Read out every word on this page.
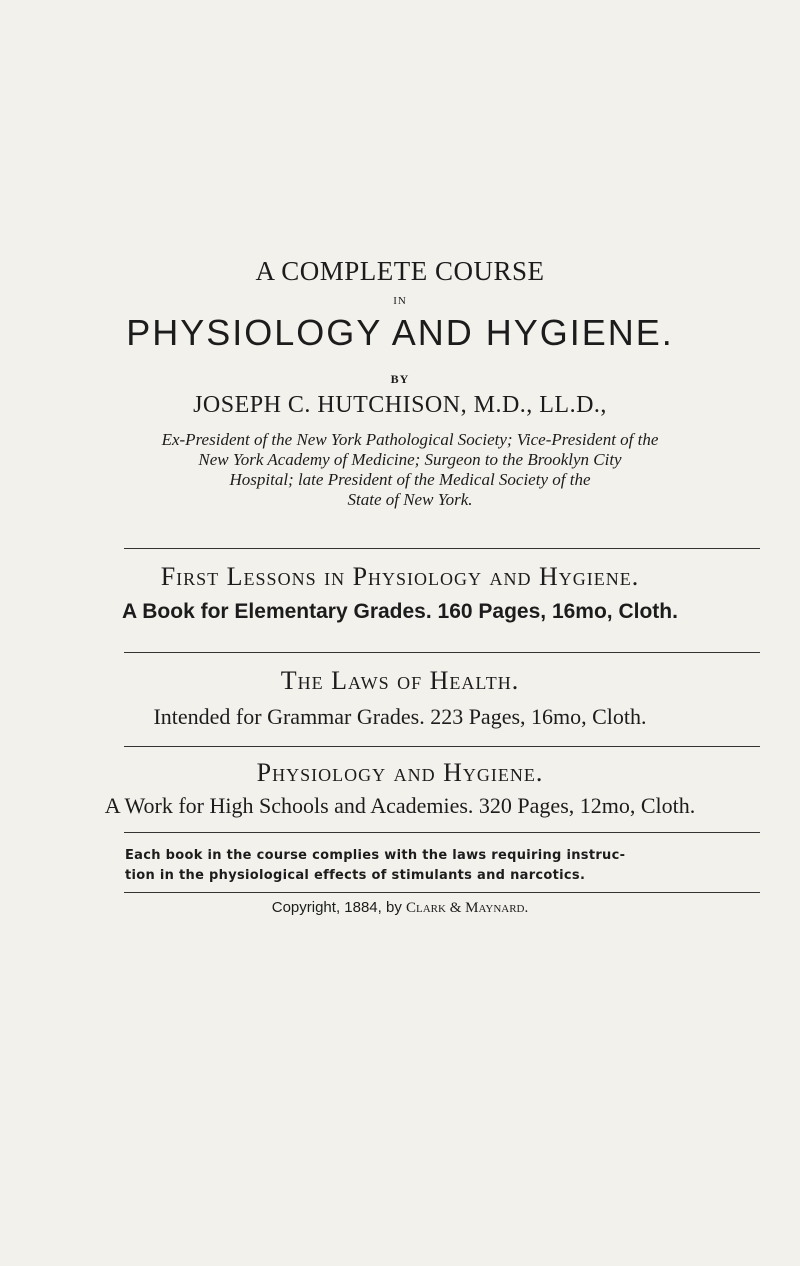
A COMPLETE COURSE
IN
PHYSIOLOGY AND HYGIENE.
BY
JOSEPH C. HUTCHISON, M.D., LL.D.,
Ex-President of the New York Pathological Society; Vice-President of the
New York Academy of Medicine; Surgeon to the Brooklyn City
Hospital; late President of the Medical Society of the
State of New York.
First Lessons in Physiology and Hygiene.
A Book for Elementary Grades. 160 Pages, 16mo, Cloth.
The Laws of Health.
Intended for Grammar Grades. 223 Pages, 16mo, Cloth.
Physiology and Hygiene.
A Work for High Schools and Academies. 320 Pages, 12mo, Cloth.
Each book in the course complies with the laws requiring instruc-
tion in the physiological effects of stimulants and narcotics.
Copyright, 1884, by Clark & Maynard.
